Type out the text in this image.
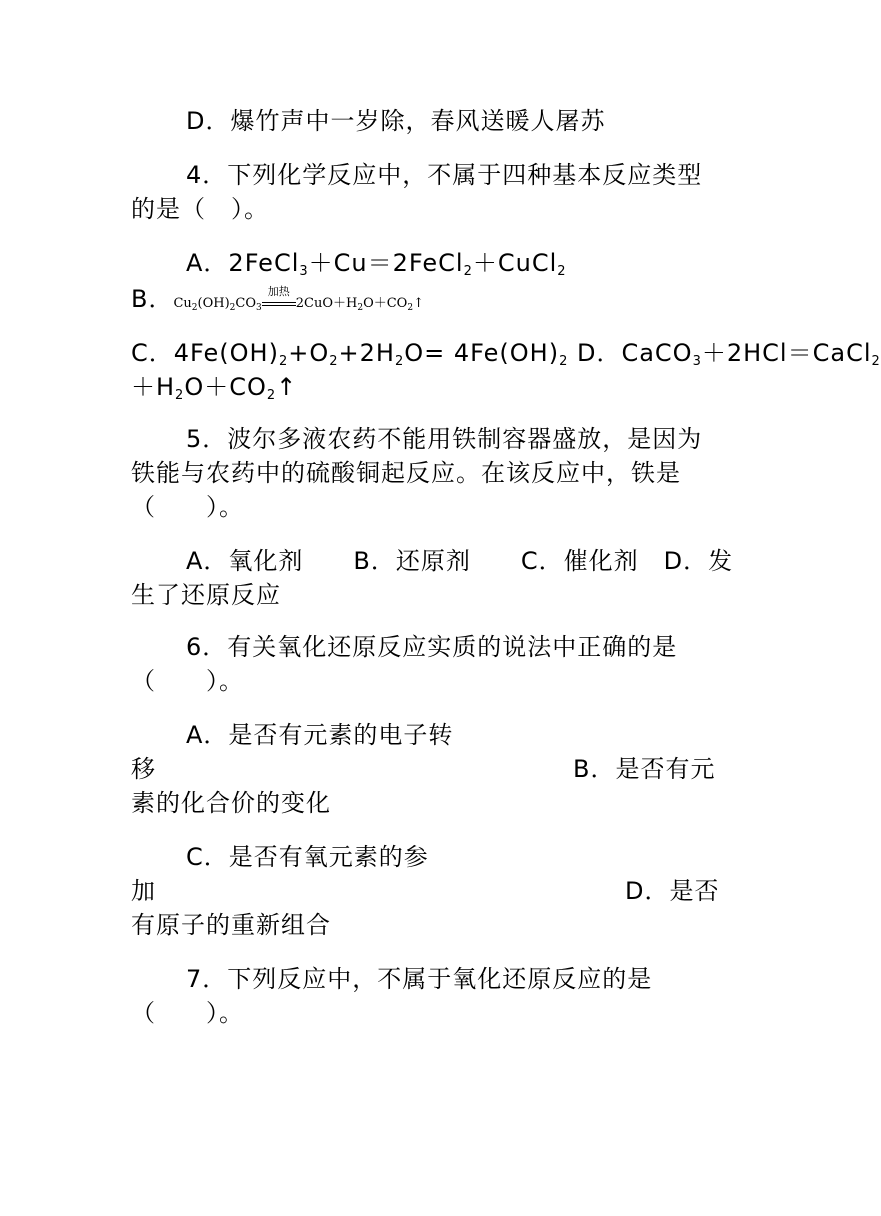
D．爆竹声中一岁除，春风送暖人屠苏
4．下列化学反应中，不属于四种基本反应类型
的是（　）。
A．2FeCl$_3$＋Cu＝2FeCl$_2$＋CuCl$_2$
B．$Cu_2(OH)_2CO_3$
加热
$2CuO+H_2O+CO_2↑$
C．$4Fe(OH)_2+O_2+2H_2O= 4Fe(OH)_2$ D．CaCO$_3$＋2HCl＝CaCl$_2$
$+H_2O+CO_2↑$
5．波尔多液农药不能用铁制容器盛放，是因为
铁能与农药中的硫酸铜起反应。在该反应中，铁是
（　　）。
A．氧化剂　　B．还原剂　　C．催化剂　D．发
生了还原反应
6．有关氧化还原反应实质的说法中正确的是
（　　）。
A．是否有元素的电子转
移	B．是否有元
素的化合价的变化
C．是否有氧元素的参
加	D．是否
有原子的重新组合
7．下列反应中，不属于氧化还原反应的是
（　　）。
